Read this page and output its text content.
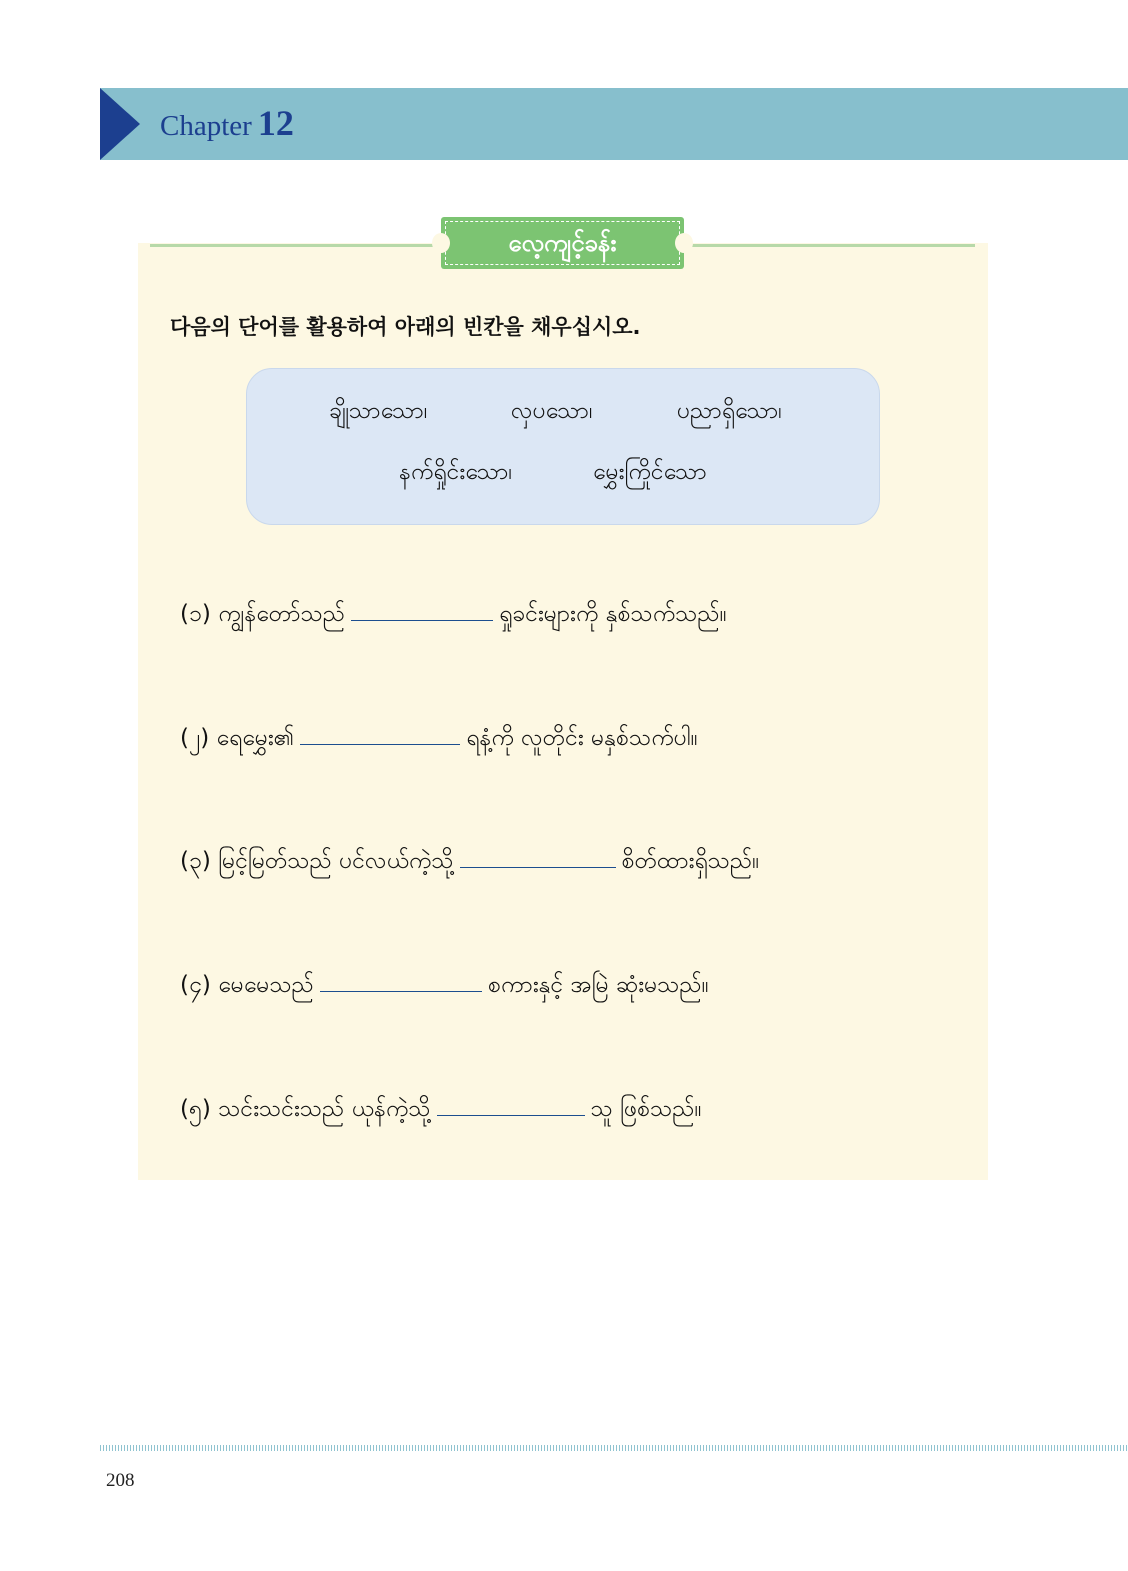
Chapter 12
လေ့ကျင့်ခန်း
다음의 단어를 활용하여 아래의 빈칸을 채우십시오.
ချိုသာသော၊	လှပသော၊	ပညာရှိသော၊
နက်ရှိုင်းသော၊	မွှေးကြိုင်သော
(၁) ကျွန်တော်သည်	ရှုခင်းများကို နှစ်သက်သည်။
(၂) ရေမွှေး၏	ရနံ့ကို လူတိုင်း မနှစ်သက်ပါ။
(၃) မြင့်မြတ်သည် ပင်လယ်ကဲ့သို့	စိတ်ထားရှိသည်။
(၄) မေမေသည်	စကားနှင့် အမြဲ ဆုံးမသည်။
(၅) သင်းသင်းသည် ယုန်ကဲ့သို့	သူ ဖြစ်သည်။
208
